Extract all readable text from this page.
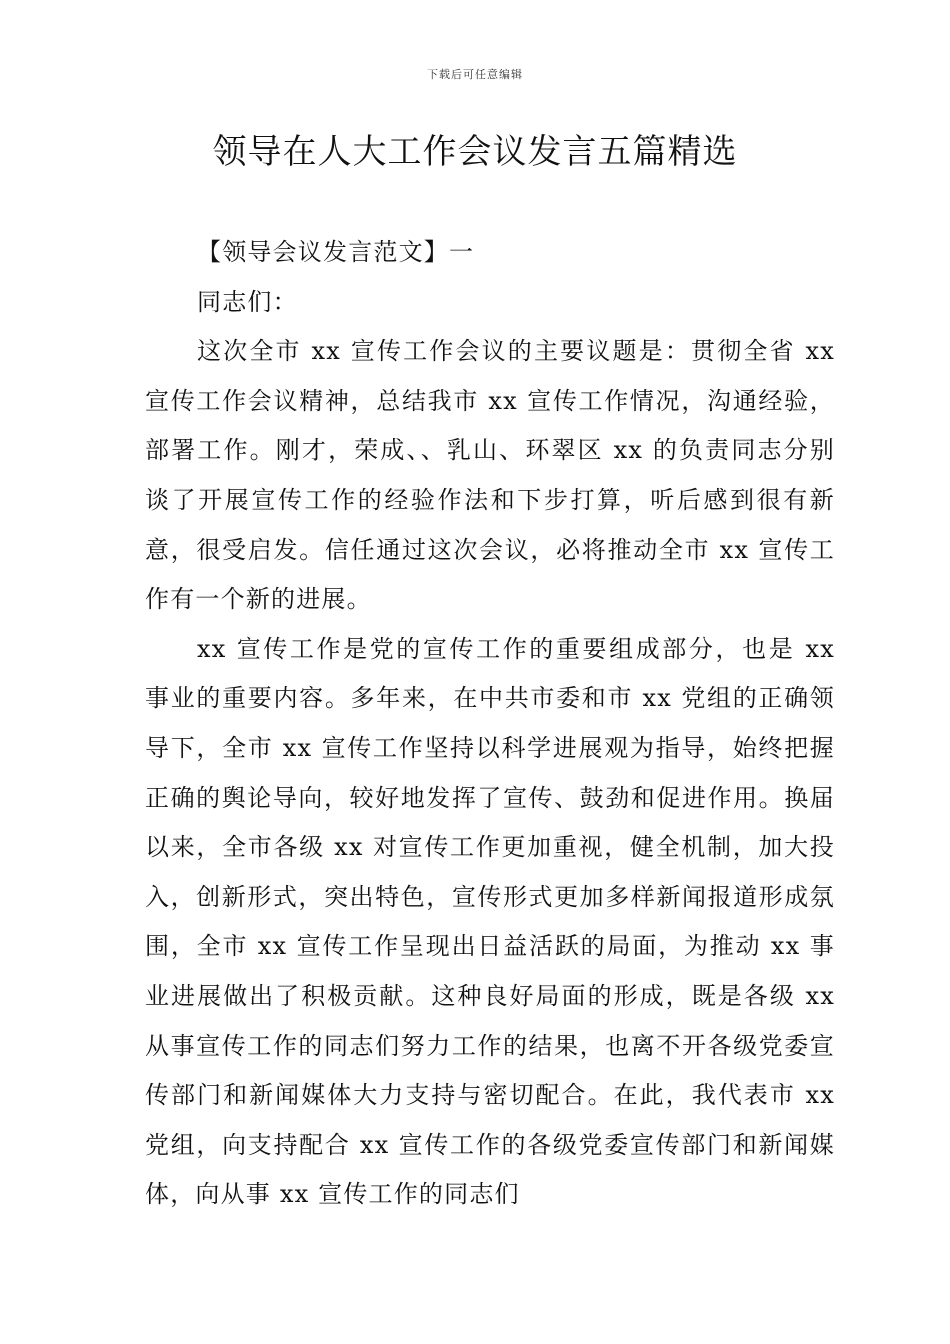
下载后可任意编辑
领导在人大工作会议发言五篇精选

【领导会议发言范文】一

同志们：

这次全市 xx 宣传工作会议的主要议题是：贯彻全省 xx 宣传工作会议精神，总结我市 xx 宣传工作情况，沟通经验，部署工作。刚才，荣成、、乳山、环翠区 xx 的负责同志分别谈了开展宣传工作的经验作法和下步打算，听后感到很有新意，很受启发。信任通过这次会议，必将推动全市 xx 宣传工作有一个新的进展。

xx 宣传工作是党的宣传工作的重要组成部分，也是 xx 事业的重要内容。多年来，在中共市委和市 xx 党组的正确领导下，全市 xx 宣传工作坚持以科学进展观为指导，始终把握正确的舆论导向，较好地发挥了宣传、鼓劲和促进作用。换届以来，全市各级 xx 对宣传工作更加重视，健全机制，加大投入，创新形式，突出特色，宣传形式更加多样新闻报道形成氛围，全市 xx 宣传工作呈现出日益活跃的局面，为推动 xx 事业进展做出了积极贡献。这种良好局面的形成，既是各级 xx 从事宣传工作的同志们努力工作的结果，也离不开各级党委宣传部门和新闻媒体大力支持与密切配合。在此，我代表市 xx 党组，向支持配合 xx 宣传工作的各级党委宣传部门和新闻媒体，向从事 xx 宣传工作的同志们
